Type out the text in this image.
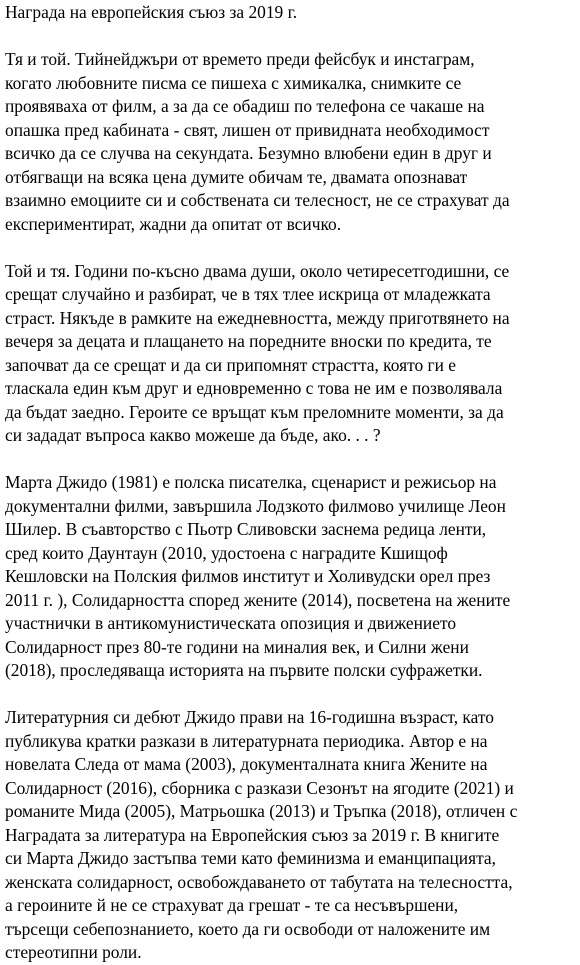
Награда на европейския съюз за 2019 г.

Тя и той. Тийнейджъри от времето преди фейсбук и инстаграм,
когато любовните писма се пишеха с химикалка, снимките се
проявяваха от филм, а за да се обадиш по телефона се чакаше на
опашка пред кабината - свят, лишен от привидната необходимост
всичко да се случва на секундата. Безумно влюбени един в друг и
отбягващи на всяка цена думите обичам те, двамата опознават
взаимно емоциите си и собствената си телесност, не се страхуват да
експериментират, жадни да опитат от всичко.

Той и тя. Години по-късно двама души, около четиресетгодишни, се
срещат случайно и разбират, че в тях тлее искрица от младежката
страст. Някъде в рамките на ежедневността, между приготвянето на
вечеря за децата и плащането на поредните вноски по кредита, те
започват да се срещат и да си припомнят страстта, която ги е
тласкала един към друг и едновременно с това не им е позволявала
да бъдат заедно. Героите се връщат към преломните моменти, за да
си зададат въпроса какво можеше да бъде, ако. . . ?

Марта Джидо (1981) е полска писателка, сценарист и режисьор на
документални филми, завършила Лодзкото филмово училище Леон
Шилер. В съавторство с Пьотр Сливовски заснема редица ленти,
сред които Даунтаун (2010, удостоена с наградите Кшищоф
Кешловски на Полския филмов институт и Холивудски орел през
2011 г. ), Солидарността според жените (2014), посветена на жените
участнички в антикомунистическата опозиция и движението
Солидарност през 80-те години на миналия век, и Силни жени
(2018), проследяваща историята на първите полски суфражетки.

Литературния си дебют Джидо прави на 16-годишна възраст, като
публикува кратки разкази в литературната периодика. Автор е на
новелата Следа от мама (2003), документалната книга Жените на
Солидарност (2016), сборника с разкази Сезонът на ягодите (2021) и
романите Мида (2005), Матрьошка (2013) и Тръпка (2018), отличен с
Наградата за литература на Европейския съюз за 2019 г. В книгите
си Марта Джидо застъпва теми като феминизма и еманципацията,
женската солидарност, освобождаването от табутата на телесността,
а героините й не се страхуват да грешат - те са несъвършени,
търсещи себепознанието, което да ги освободи от наложените им
стереотипни роли.
